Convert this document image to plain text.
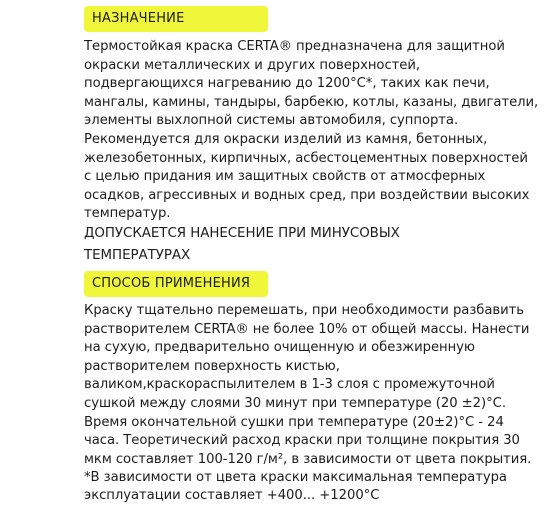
НАЗНАЧЕНИЕ
Термостойкая краска CERTA® предназначена для защитной
окраски металлических и других поверхностей,
подвергающихся нагреванию до 1200°С*, таких как печи,
мангалы, камины, тандыры, барбекю, котлы, казаны, двигатели,
элементы выхлопной системы автомобиля, суппорта.
Рекомендуется для окраски изделий из камня, бетонных,
железобетонных, кирпичных, асбестоцементных поверхностей
с целью придания им защитных свойств от атмосферных
осадков, агрессивных и водных сред, при воздействии высоких
температур.
ДОПУСКАЕТСЯ НАНЕСЕНИЕ ПРИ МИНУСОВЫХ
ТЕМПЕРАТУРАХ
СПОСОБ ПРИМЕНЕНИЯ
Краску тщательно перемешать, при необходимости разбавить
растворителем CERTA® не более 10% от общей массы. Нанести
на сухую, предварительно очищенную и обезжиренную
растворителем поверхность кистью,
валиком,краскораспылителем в 1-3 слоя с промежуточной
сушкой между слоями 30 минут при температуре (20 ±2)°С.
Время окончательной сушки при температуре (20±2)°С - 24
часа. Теоретический расход краски при толщине покрытия 30
мкм составляет 100-120 г/м², в зависимости от цвета покрытия.
*В зависимости от цвета краски максимальная температура
эксплуатации составляет +400... +1200°С
